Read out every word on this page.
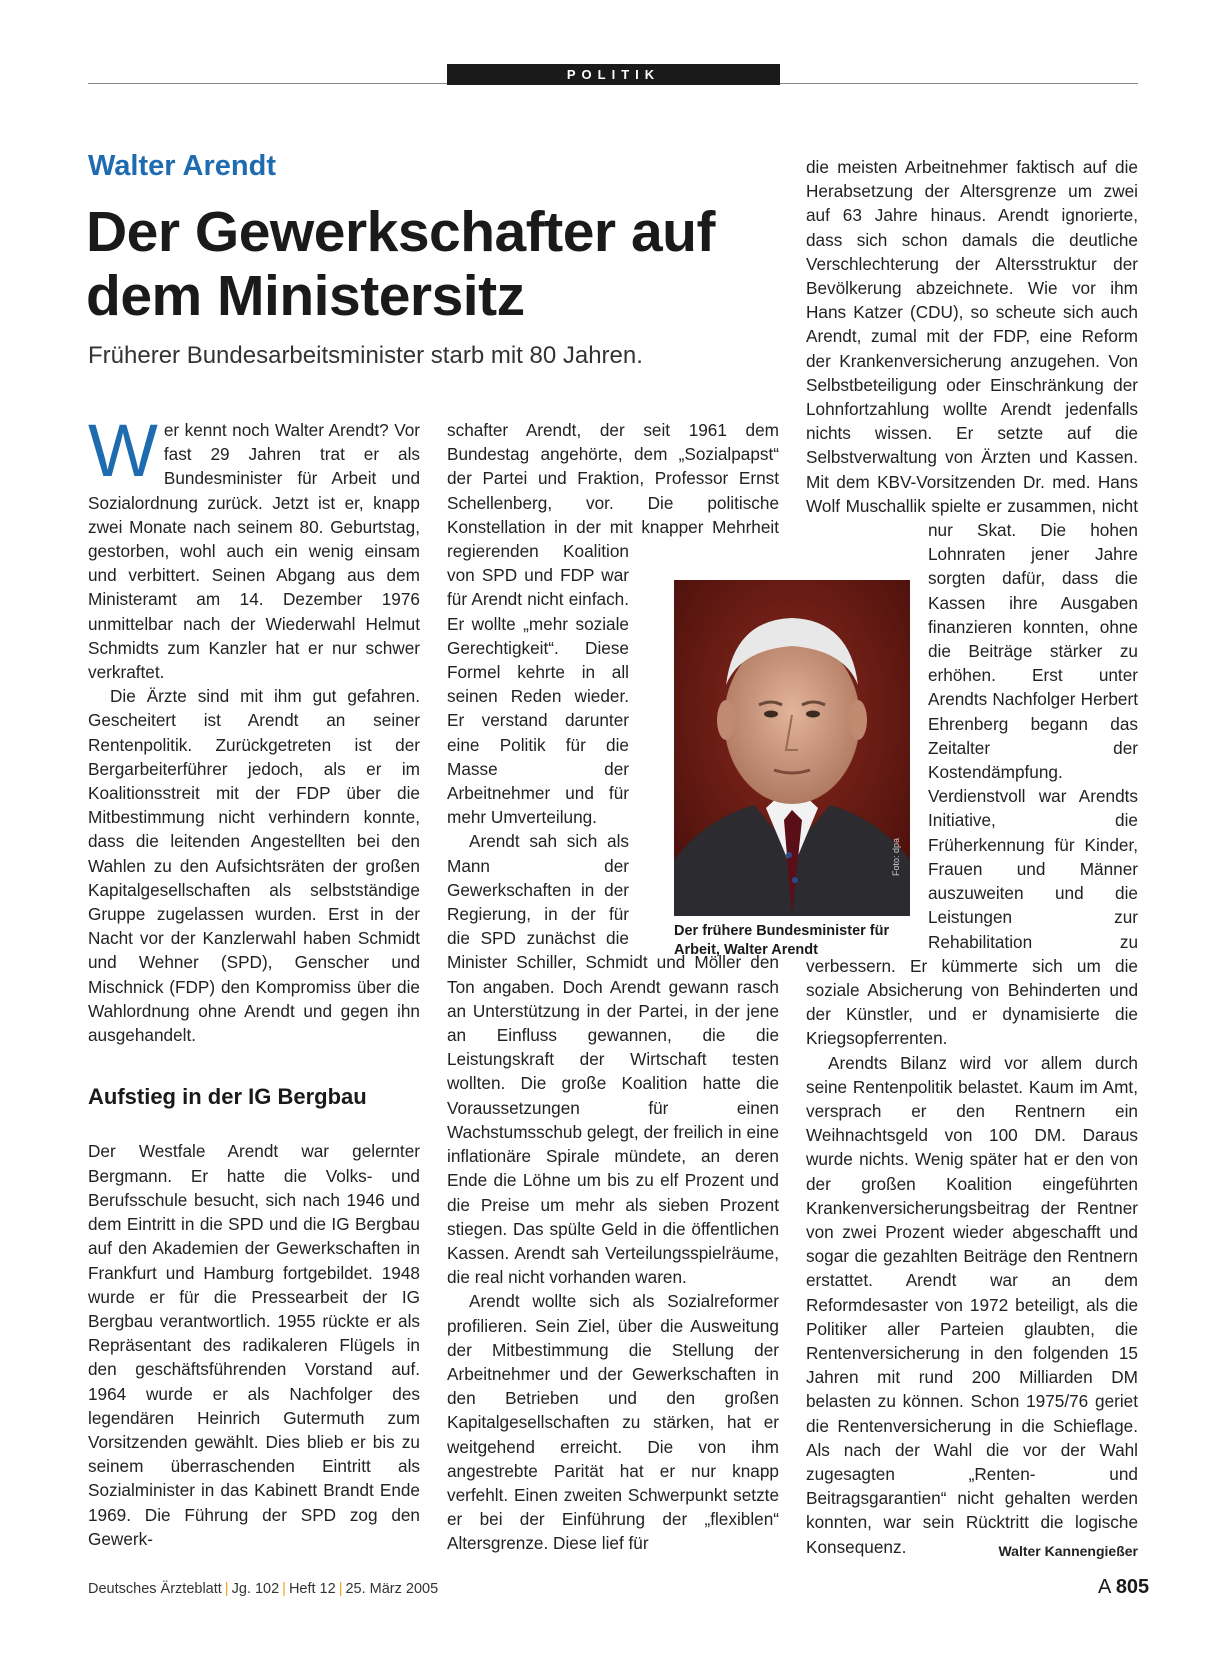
POLITIK
Walter Arendt
Der Gewerkschafter auf
dem Ministersitz
Früherer Bundesarbeitsminister starb mit 80 Jahren.

Wer kennt noch Walter Arendt? Vor fast 29 Jahren trat er als Bundesminister für Arbeit und Sozialordnung zurück. Jetzt ist er, knapp zwei Monate nach seinem 80. Geburtstag, gestorben, wohl auch ein wenig einsam und verbittert. Seinen Abgang aus dem Ministeramt am 14. Dezember 1976 unmittelbar nach der Wiederwahl Helmut Schmidts zum Kanzler hat er nur schwer verkraftet.

Die Ärzte sind mit ihm gut gefahren. Gescheitert ist Arendt an seiner Rentenpolitik. Zurückgetreten ist der Bergarbeiterführer jedoch, als er im Koalitionsstreit mit der FDP über die Mitbestimmung nicht verhindern konnte, dass die leitenden Angestellten bei den Wahlen zu den Aufsichtsräten der großen Kapitalgesellschaften als selbstständige Gruppe zugelassen wurden. Erst in der Nacht vor der Kanzlerwahl haben Schmidt und Wehner (SPD), Genscher und Mischnick (FDP) den Kompromiss über die Wahlordnung ohne Arendt und gegen ihn ausgehandelt.

Aufstieg in der IG Bergbau

Der Westfale Arendt war gelernter Bergmann. Er hatte die Volks- und Berufsschule besucht, sich nach 1946 und dem Eintritt in die SPD und die IG Bergbau auf den Akademien der Gewerkschaften in Frankfurt und Hamburg fortgebildet. 1948 wurde er für die Pressearbeit der IG Bergbau verantwortlich. 1955 rückte er als Repräsentant des radikaleren Flügels in den geschäftsführenden Vorstand auf. 1964 wurde er als Nachfolger des legendären Heinrich Gutermuth zum Vorsitzenden gewählt. Dies blieb er bis zu seinem überraschenden Eintritt als Sozialminister in das Kabinett Brandt Ende 1969. Die Führung der SPD zog den Gewerk-

schafter Arendt, der seit 1961 dem Bundestag angehörte, dem „Sozialpapst“ der Partei und Fraktion, Professor Ernst Schellenberg, vor. Die politische Konstellation in der mit knapper Mehrheit regierenden Koalition von SPD und FDP war für Arendt nicht einfach. Er wollte „mehr soziale Gerechtigkeit“. Diese Formel kehrte in all seinen Reden wieder. Er verstand darunter eine Politik für die Masse der Arbeitnehmer und für mehr Umverteilung.

Arendt sah sich als Mann der Gewerkschaften in der Regierung, in der für die SPD zunächst die Minister Schiller, Schmidt und Möller den Ton angaben. Doch Arendt gewann rasch an Unterstützung in der Partei, in der jene an Einfluss gewannen, die die Leistungskraft der Wirtschaft testen wollten. Die große Koalition hatte die Voraussetzungen für einen Wachstumsschub gelegt, der freilich in eine inflationäre Spirale mündete, an deren Ende die Löhne um bis zu elf Prozent und die Preise um mehr als sieben Prozent stiegen. Das spülte Geld in die öffentlichen Kassen. Arendt sah Verteilungsspielräume, die real nicht vorhanden waren.

Arendt wollte sich als Sozialreformer profilieren. Sein Ziel, über die Ausweitung der Mitbestimmung die Stellung der Arbeitnehmer und der Gewerkschaften in den Betrieben und den großen Kapitalgesellschaften zu stärken, hat er weitgehend erreicht. Die von ihm angestrebte Parität hat er nur knapp verfehlt. Einen zweiten Schwerpunkt setzte er bei der Einführung der „flexiblen“ Altersgrenze. Diese lief für

die meisten Arbeitnehmer faktisch auf die Herabsetzung der Altersgrenze um zwei auf 63 Jahre hinaus. Arendt ignorierte, dass sich schon damals die deutliche Verschlechterung der Altersstruktur der Bevölkerung abzeichnete. Wie vor ihm Hans Katzer (CDU), so scheute sich auch Arendt, zumal mit der FDP, eine Reform der Krankenversicherung anzugehen. Von Selbstbeteiligung oder Einschränkung der Lohnfortzahlung wollte Arendt jedenfalls nichts wissen. Er setzte auf die Selbstverwaltung von Ärzten und Kassen. Mit dem KBV-Vorsitzenden Dr. med. Hans Wolf Muschallik spielte er zusammen, nicht nur Skat. Die hohen Lohnraten jener Jahre sorgten dafür, dass die Kassen ihre Ausgaben finanzieren konnten, ohne die Beiträge stärker zu erhöhen. Erst unter Arendts Nachfolger Herbert Ehrenberg begann das Zeitalter der Kostendämpfung. Verdienstvoll war Arendts Initiative, die Früherkennung für Kinder, Frauen und Männer auszuweiten und die Leistungen zur Rehabilitation zu verbessern. Er kümmerte sich um die soziale Absicherung von Behinderten und der Künstler, und er dynamisierte die Kriegsopferrenten.

Arendts Bilanz wird vor allem durch seine Rentenpolitik belastet. Kaum im Amt, versprach er den Rentnern ein Weihnachtsgeld von 100 DM. Daraus wurde nichts. Wenig später hat er den von der großen Koalition eingeführten Krankenversicherungsbeitrag der Rentner von zwei Prozent wieder abgeschafft und sogar die gezahlten Beiträge den Rentnern erstattet. Arendt war an dem Reformdesaster von 1972 beteiligt, als die Politiker aller Parteien glaubten, die Rentenversicherung in den folgenden 15 Jahren mit rund 200 Milliarden DM belasten zu können. Schon 1975/76 geriet die Rentenversicherung in die Schieflage. Als nach der Wahl die vor der Wahl zugesagten „Renten- und Beitragsgarantien“ nicht gehalten werden konnten, war sein Rücktritt die logische Konsequenz.	Walter Kannengießer

Foto: dpa
Der frühere Bundesminister für Arbeit, Walter Arendt
Deutsches Ärzteblatt | Jg. 102 | Heft 12 | 25. März 2005	A 805
